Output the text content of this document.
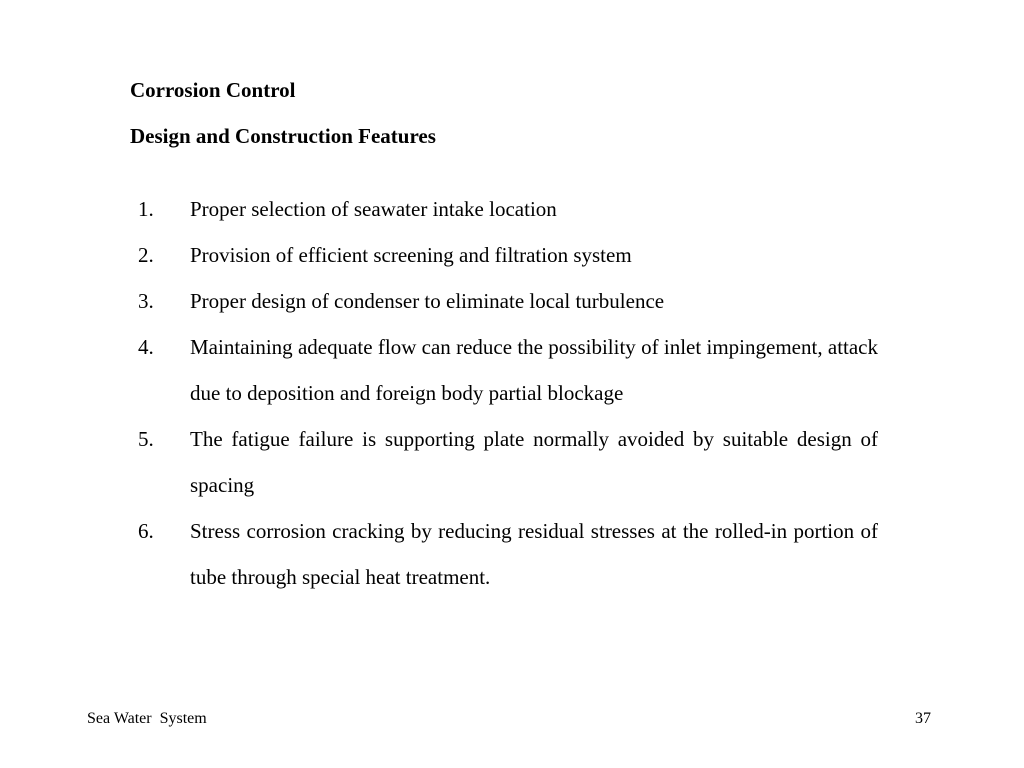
Corrosion Control
Design and Construction Features
1. Proper selection of seawater intake location
2. Provision of efficient screening and filtration system
3. Proper design of condenser to eliminate local turbulence
4. Maintaining adequate flow can reduce the possibility of inlet impingement, attack due to deposition and foreign body partial blockage
5. The fatigue failure is supporting plate normally avoided by suitable design of spacing
6. Stress corrosion cracking by reducing residual stresses at the rolled-in portion of tube through special heat treatment.
Sea Water  System	37
